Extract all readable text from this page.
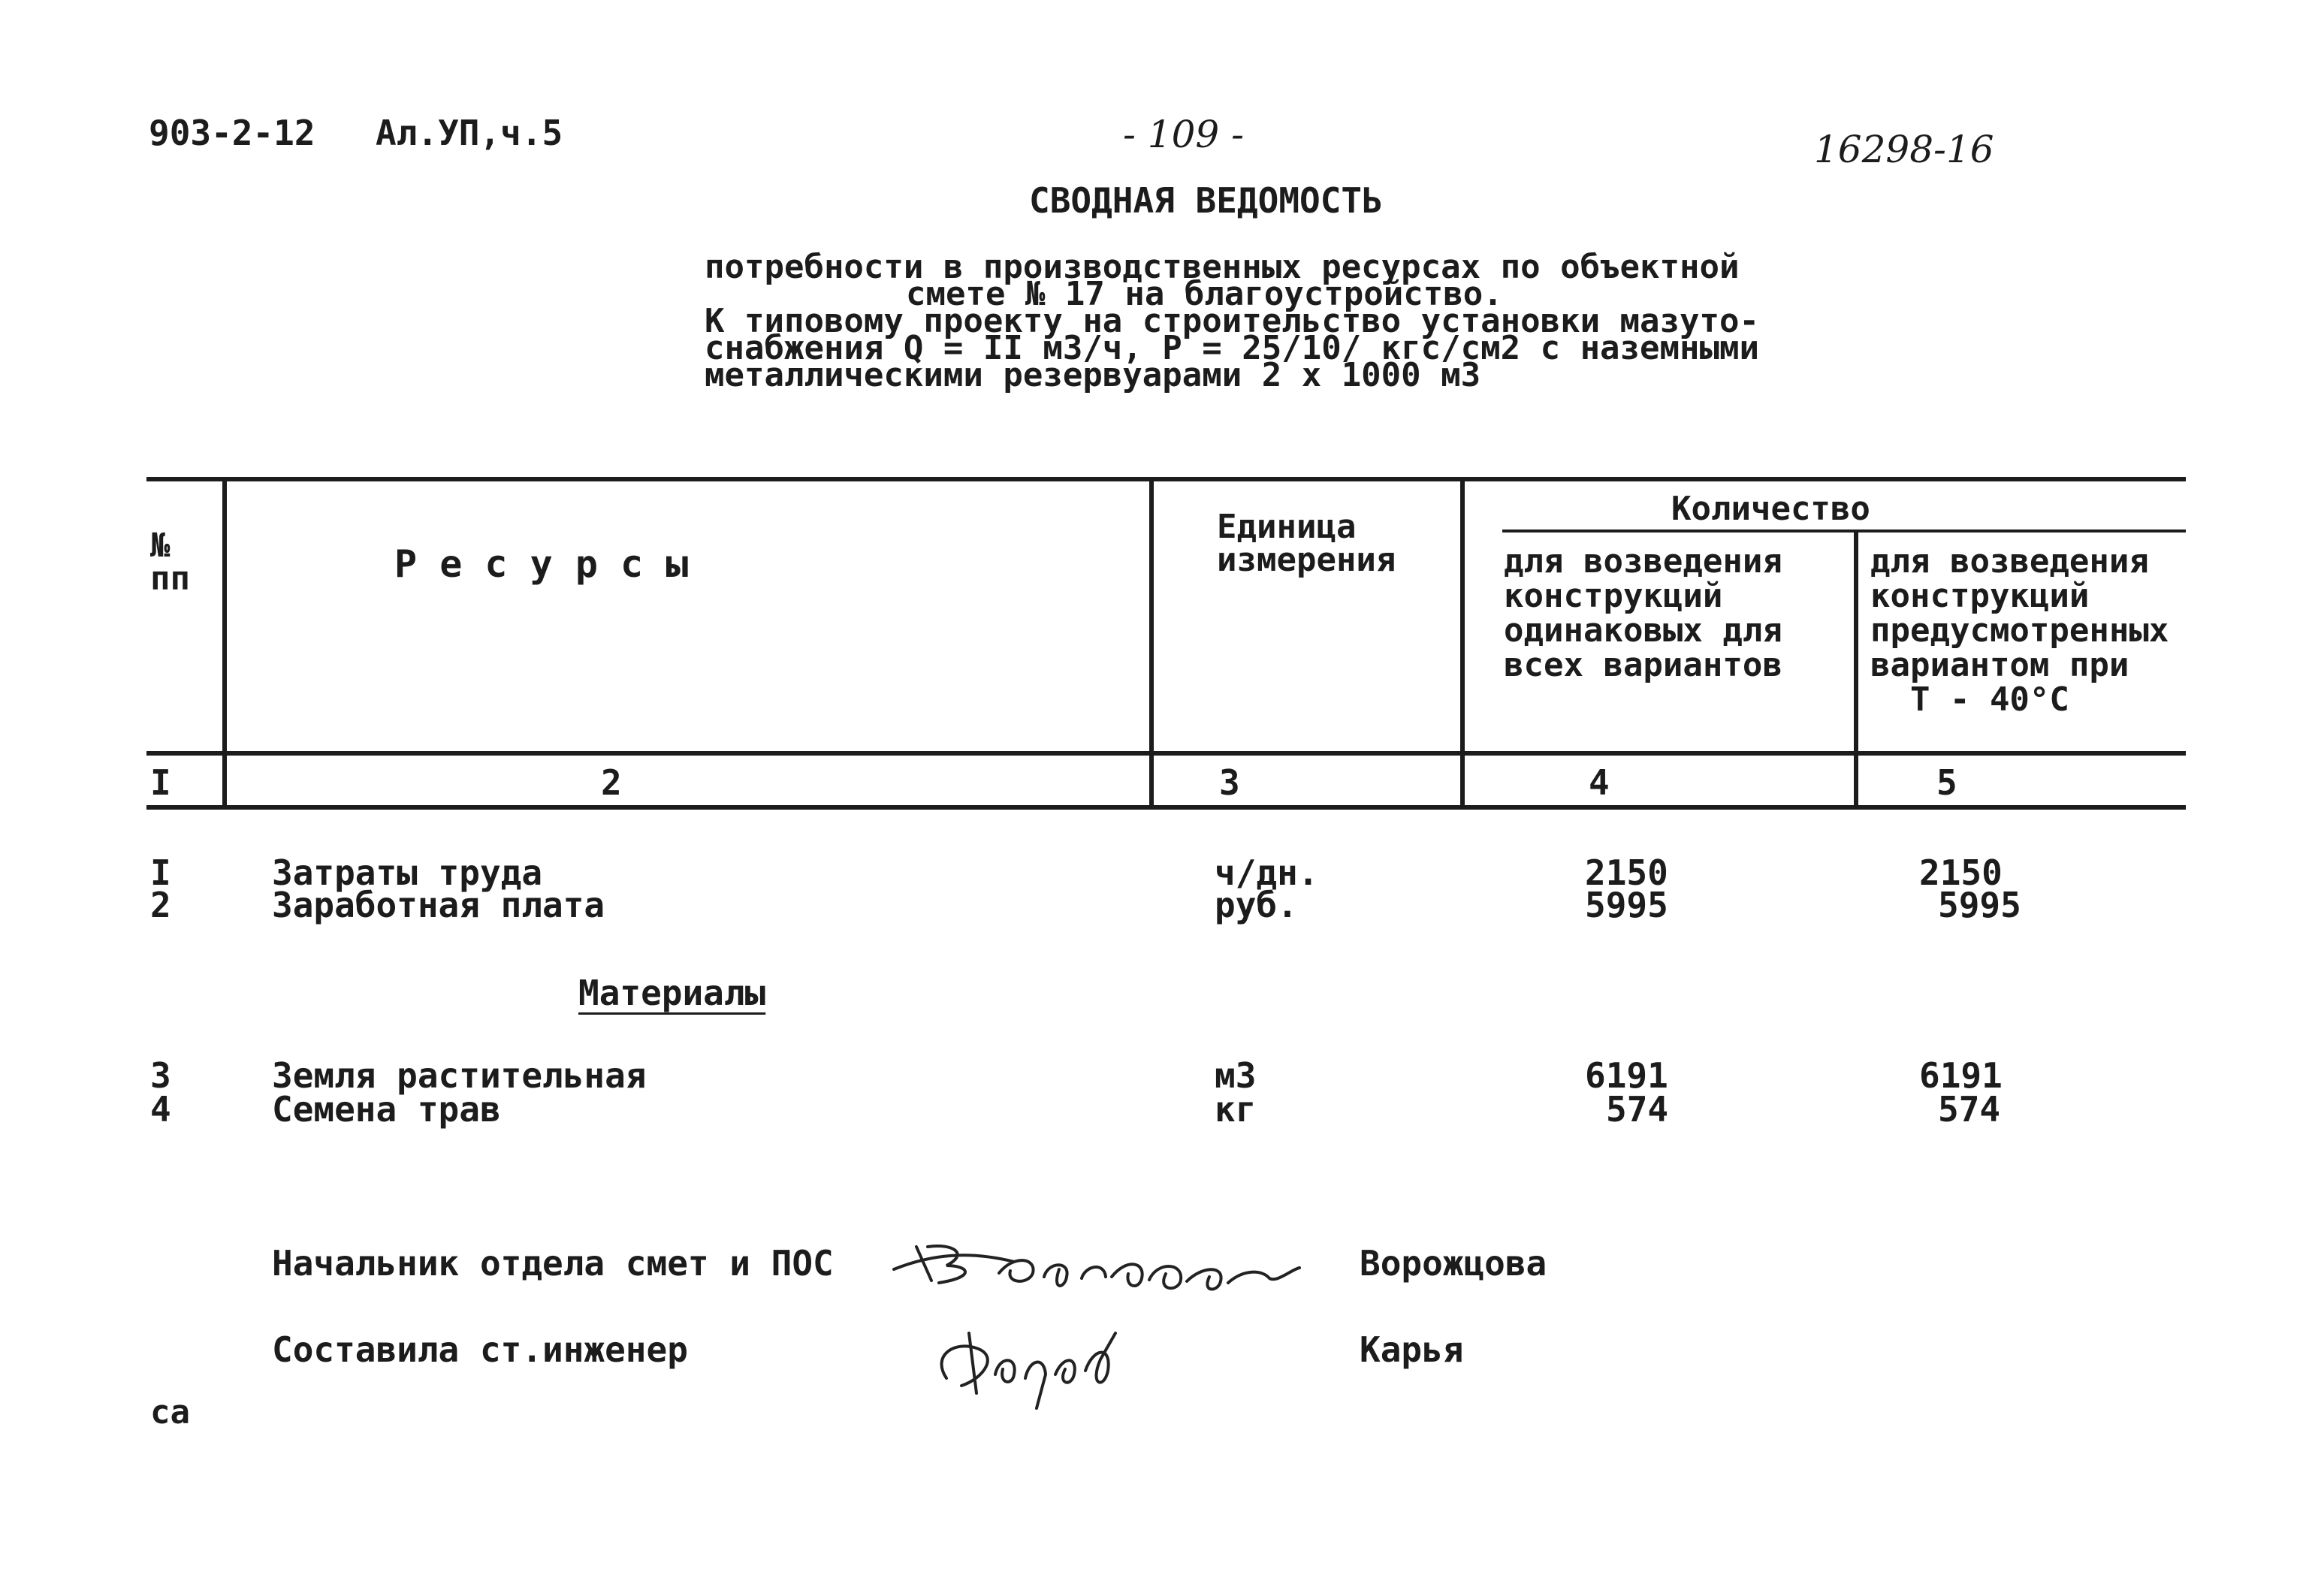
903-2-12 Ал.УП,ч.5	- 109 -	16298-16
СВОДНАЯ ВЕДОМОСТЬ
потребности в производственных ресурсах по объектной
смете № 17 на благоустройство.
К типовому проекту на строительство установки мазуто-
снабжения Q = II м3/ч, Р = 25/10/ кгс/см2 с наземными
металлическими резервуарами 2 х 1000 м3
№
пп	Р е с у р с ы
Единица
измерения
Количество
для возведения
конструкций
одинаковых для
всех вариантов
для возведения
конструкций
предусмотренных
вариантом при
Т - 40°С
I	2	3	4	5
I	Затраты труда	ч/дн.	2150	2150
2	Заработная плата	руб.	5995	5995
Материалы
3	Земля растительная	м3	6191	6191
4	Семена трав	кг	574	574
Начальник отдела смет и ПОС	Ворожцова
Составила ст.инженер	Карья
са
